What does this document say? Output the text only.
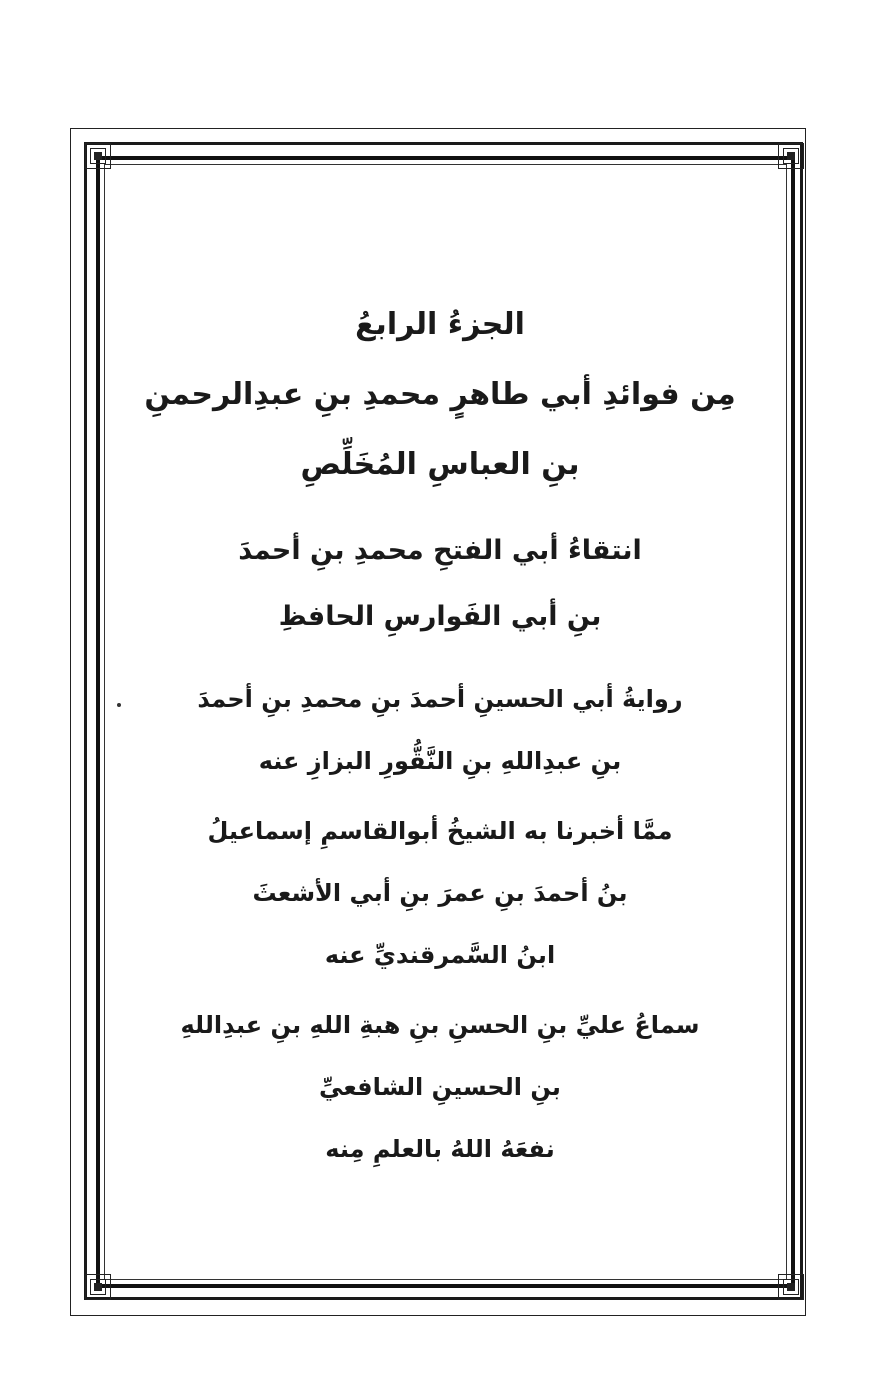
الجزءُ الرابعُ
مِن فوائدِ أبي طاهرٍ محمدِ بنِ عبدِالرحمنِ
بنِ العباسِ المُخَلِّصِ
انتقاءُ أبي الفتحِ محمدِ بنِ أحمدَ
بنِ أبي الفَوارسِ الحافظِ
روايةُ أبي الحسينِ أحمدَ بنِ محمدِ بنِ أحمدَ
بنِ عبدِاللهِ بنِ النَّقُّورِ البزازِ عنه
ممَّا أخبرنا به الشيخُ أبوالقاسمِ إسماعيلُ
بنُ أحمدَ بنِ عمرَ بنِ أبي الأشعثَ
ابنُ السَّمرقنديِّ عنه
سماعُ عليِّ بنِ الحسنِ بنِ هبةِ اللهِ بنِ عبدِاللهِ
بنِ الحسينِ الشافعيِّ
نفعَهُ اللهُ بالعلمِ مِنه
